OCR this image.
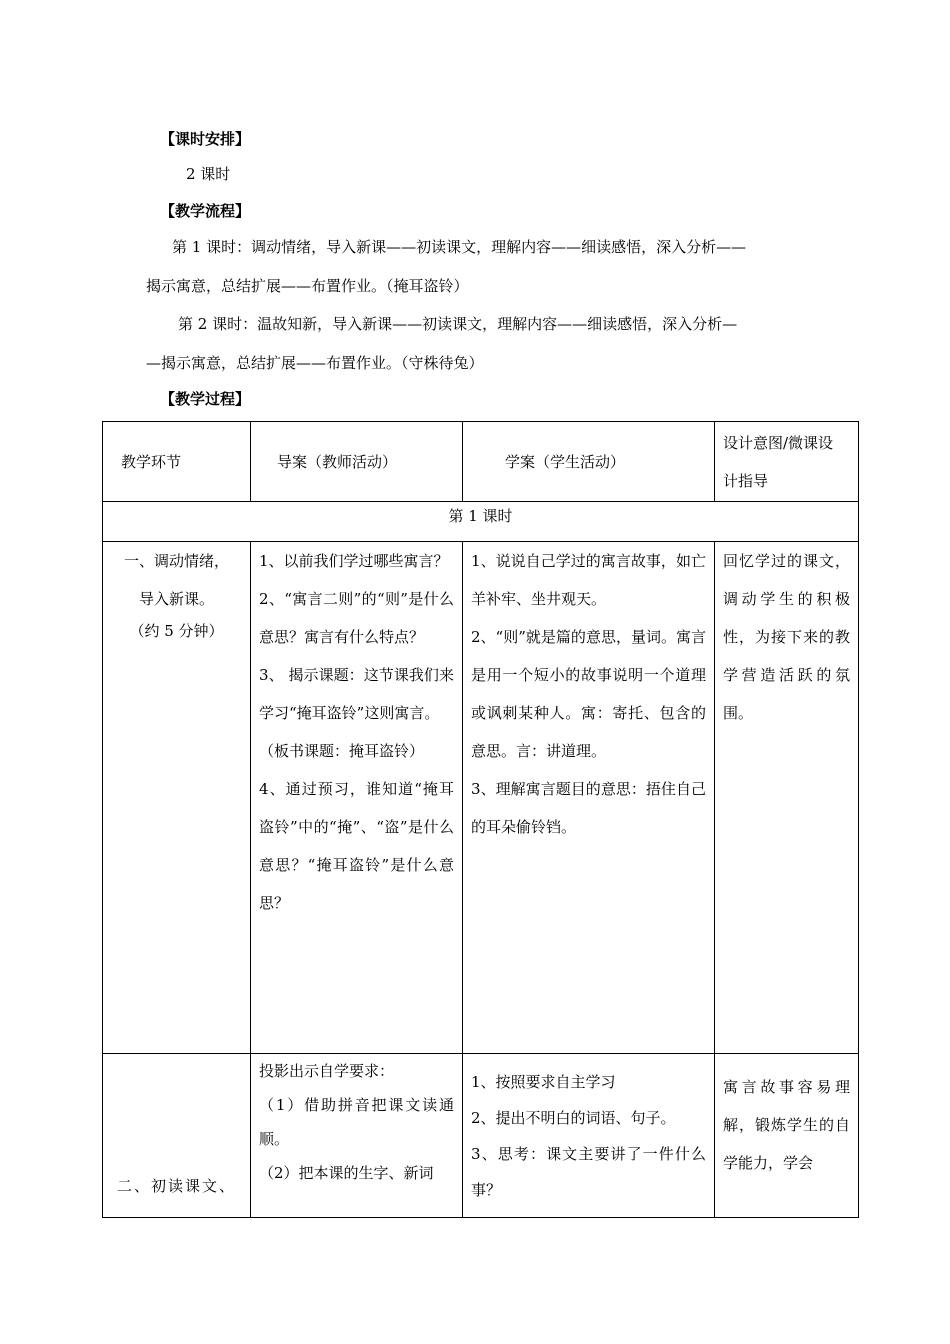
【课时安排】
2 课时
【教学流程】
第 1 课时：调动情绪，导入新课——初读课文，理解内容——细读感悟，深入分析——
揭示寓意，总结扩展——布置作业。（掩耳盗铃）
第 2 课时：温故知新，导入新课——初读课文，理解内容——细读感悟，深入分析—
—揭示寓意，总结扩展——布置作业。（守株待兔）
【教学过程】
教学环节	导案（教师活动）	学案（学生活动）	设计意图/微课设
计指导

第 1 课时			

一、调动情绪，
导入新课。
（约 5 分钟）	1、以前我们学过哪些寓言？
2、“寓言二则”的“则”是什么意思？寓言有什么特点？
3、 揭示课题：这节课我们来学习“掩耳盗铃”这则寓言。
（板书课题：掩耳盗铃）
4、通过预习，谁知道“掩耳盗铃”中的“掩”、“盗”是什么意思？“掩耳盗铃”是什么意思？	1、说说自己学过的寓言故事，如亡羊补牢、坐井观天。
2、“则”就是篇的意思，量词。寓言是用一个短小的故事说明一个道理或讽刺某种人。寓：寄托、包含的意思。言：讲道理。
3、理解寓言题目的意思：捂住自己的耳朵偷铃铛。	回忆学过的课文，调动学生的积极性，为接下来的教学营造活跃的氛围。
二、初读课文、	投影出示自学要求：
（1）借助拼音把课文读通顺。
（2）把本课的生字、新词	1、按照要求自主学习
2、提出不明白的词语、句子。
3、思考：课文主要讲了一件什么事？	寓言故事容易理解，锻炼学生的自学能力，学会
